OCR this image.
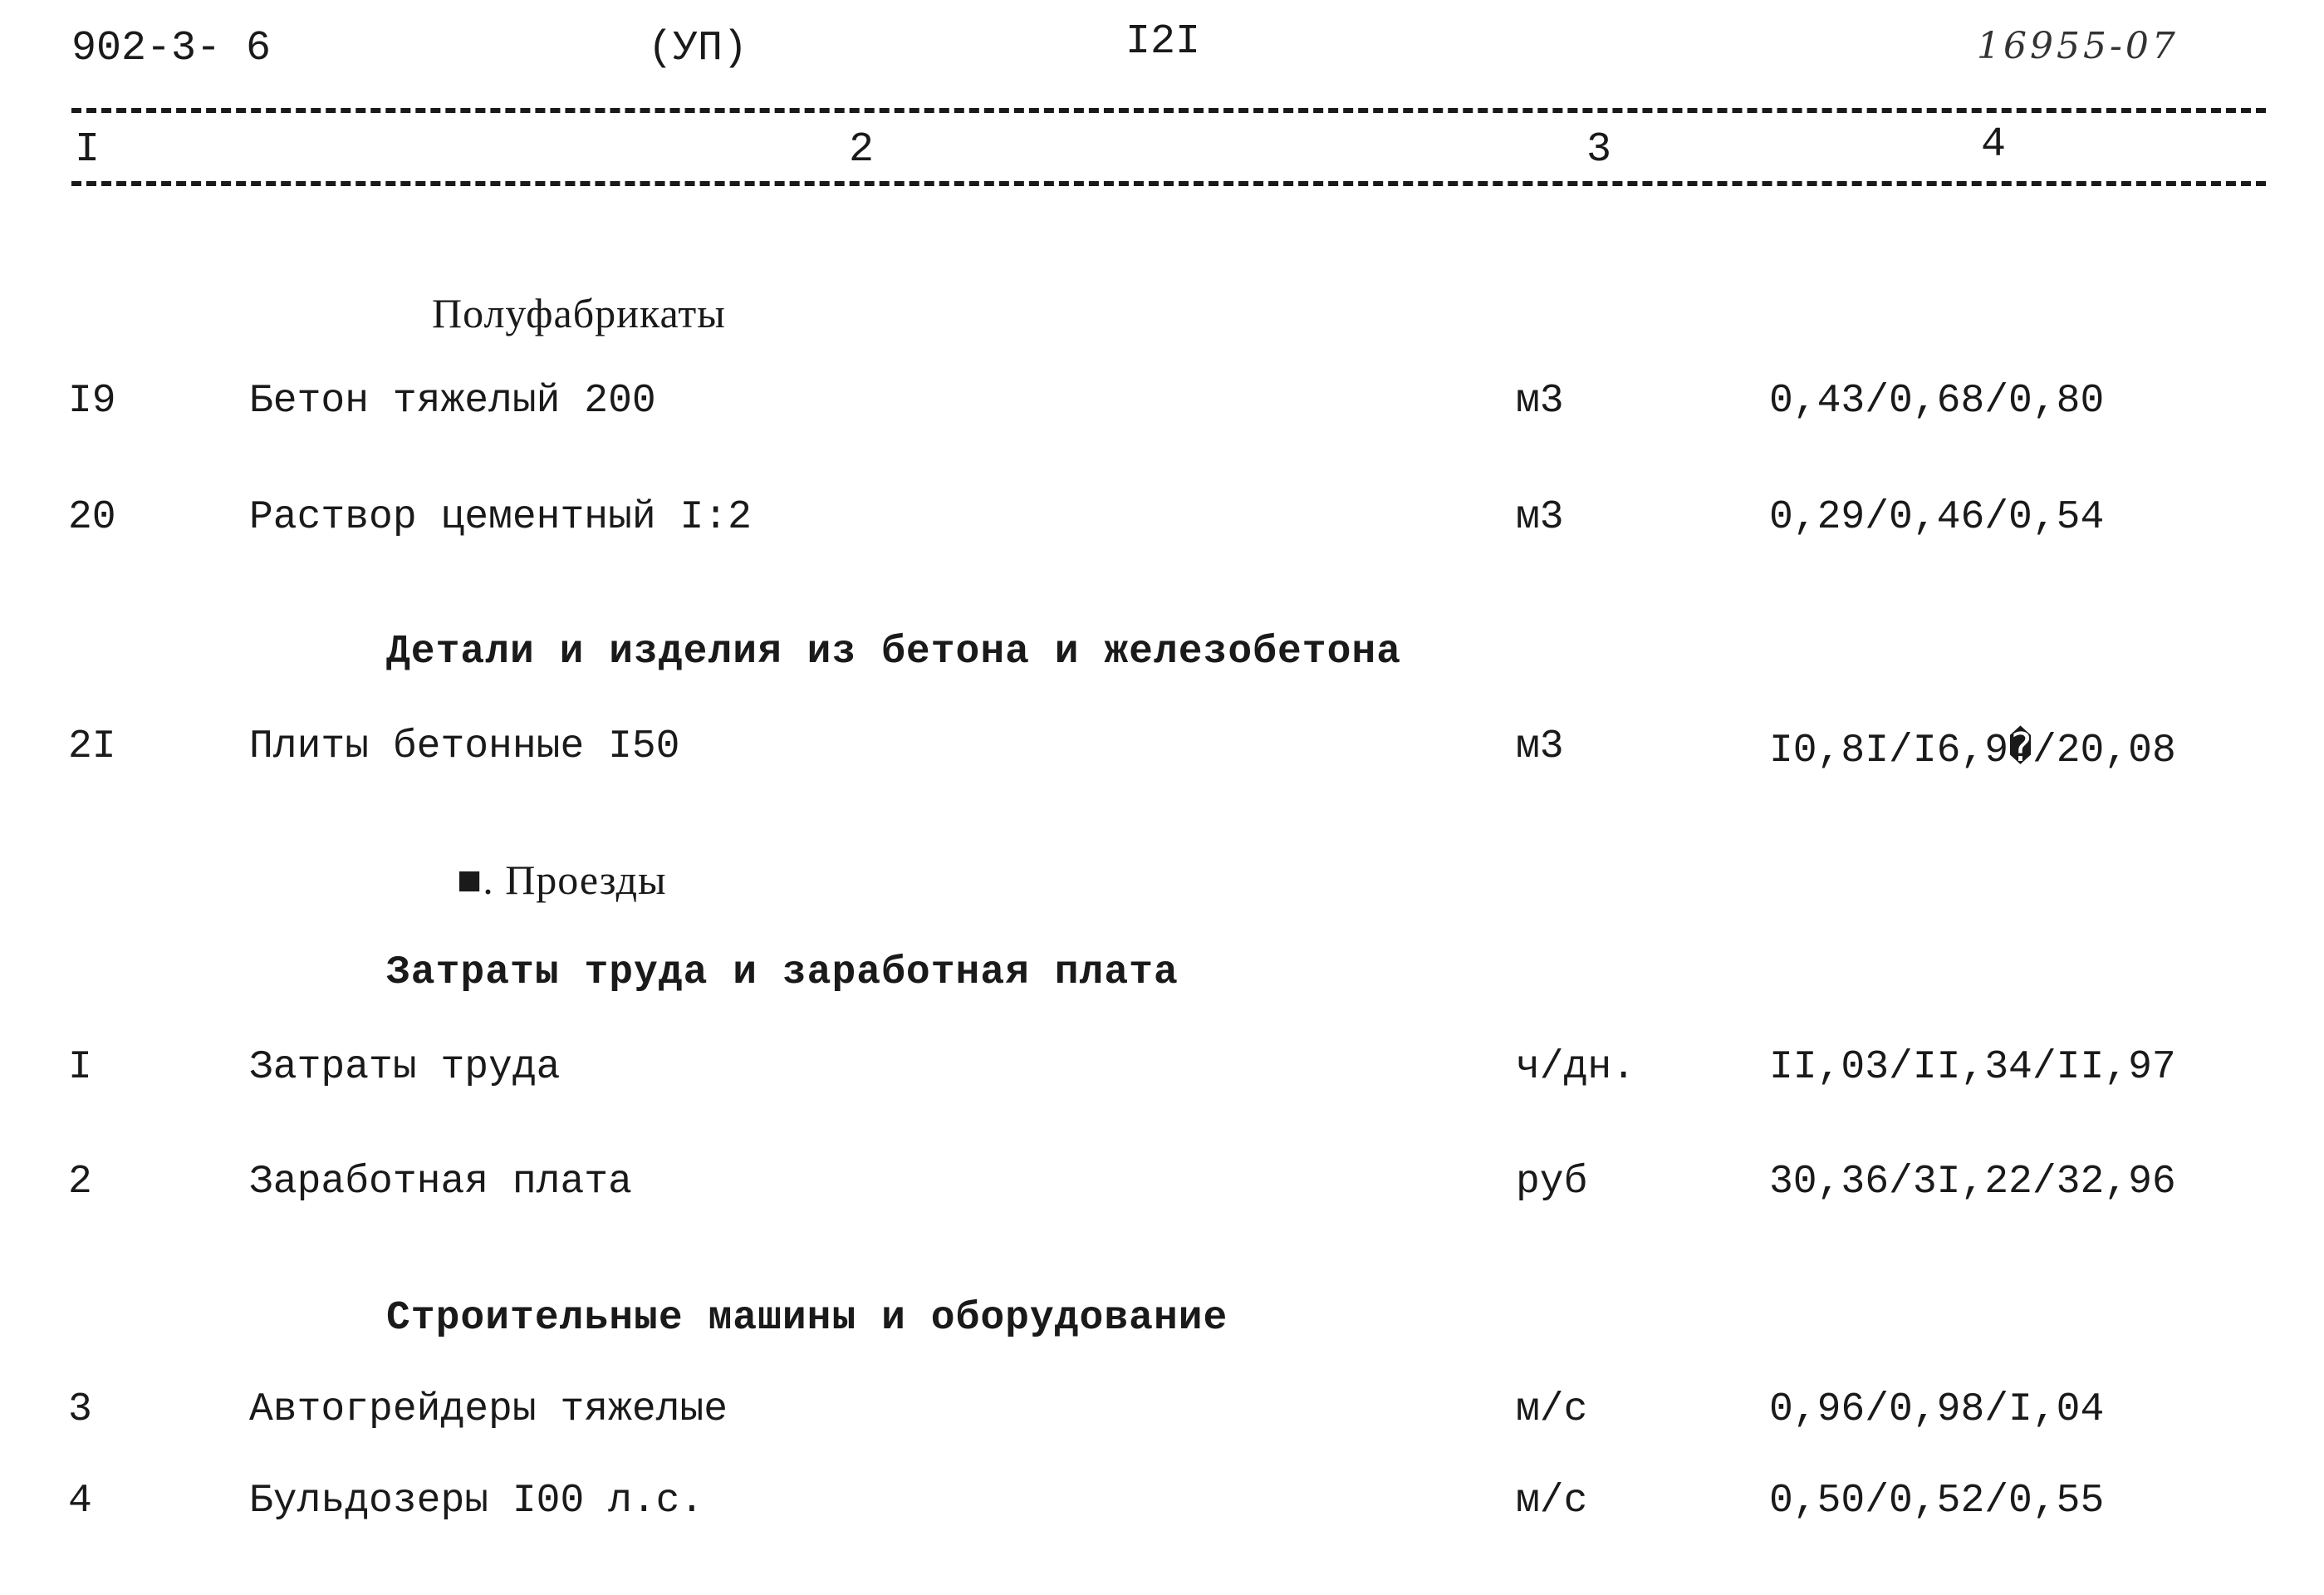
902-3- 6	(УП)	I2I	16955-07
I	2	3	4
Полуфабрикаты
I9	Бетон тяжелый 200	м3	0,43/0,68/0,80
20	Раствор цементный I:2	м3	0,29/0,46/0,54
Детали и изделия из бетона и железобетона
2I	Плиты бетонные I50	м3	I0,8I/I6,9�/20,08
■. Проезды
Затраты труда и заработная плата
I	Затраты труда	ч/дн.	II,03/II,34/II,97
2	Заработная плата	руб	30,36/3I,22/32,96
Строительные машины и оборудование
3	Автогрейдеры тяжелые	м/с	0,96/0,98/I,04
4	Бульдозеры I00 л.с.	м/с	0,50/0,52/0,55
